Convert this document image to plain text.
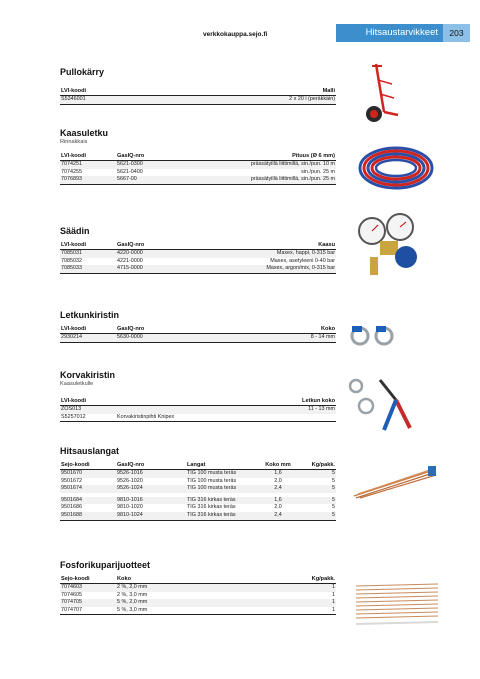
verkkokauppa.sejo.fi	Hitsaustarvikkeet	203
Pullokärry
LVI-koodi		Malli
S5346001		2 x 20 l (peräkkäin)
Kaasuletku
Rinnakkais
LVI-koodi	GasIQ-nro	Pituus (Ø 6 mm)
7074251	5621-0300	prässätyillä liittimillä, sin./pun. 10 m
7074255	5621-0400	sin./pun. 25 m
7076893	5667-00	prässätyillä liittimillä, sin./pun. 25 m
Säädin
LVI-koodi	GasIQ-nro	Kaasu
7085031	4220-0000	Maxex, happi, 0-315 bar
7085032	4221-0000	Maxex, asetyleeni 0-40 bar
7085033	4715-0000	Maxex, argon/mix, 0-315 bar
Letkunkiristin
LVI-koodi	GasIQ-nro	Koko
2930214	5630-0000	8 - 14 mm
Korvakiristin
Kaasuletkulle
LVI-koodi		Letkun koko
ZOS013		11 - 13 mm
S5257012	Korvakiristinpihti Knipex	
Hitsauslangat
Sejo-koodi	GasIQ-nro	Langat	Koko mm	Kg/pakk.
9501670	9526-1016	TIG 100 musta teräs	1,6	5
9501672	9526-1020	TIG 100 musta teräs	2,0	5
9501674	9526-1024	TIG 100 musta teräs	2,4	5

9501684	9810-1016	TIG 316 kirkas teräs	1,6	5
9501686	9810-1020	TIG 316 kirkas teräs	2,0	5
9501688	9810-1024	TIG 316 kirkas teräs	2,4	5
Fosforikuparijuotteet
Sejo-koodi	Koko	Kg/pakk.
7074603	2 %, 2,0 mm	1
7074605	2 %, 3,0 mm	1
7074705	5 %, 2,0 mm	1
7074707	5 %, 3,0 mm	1
